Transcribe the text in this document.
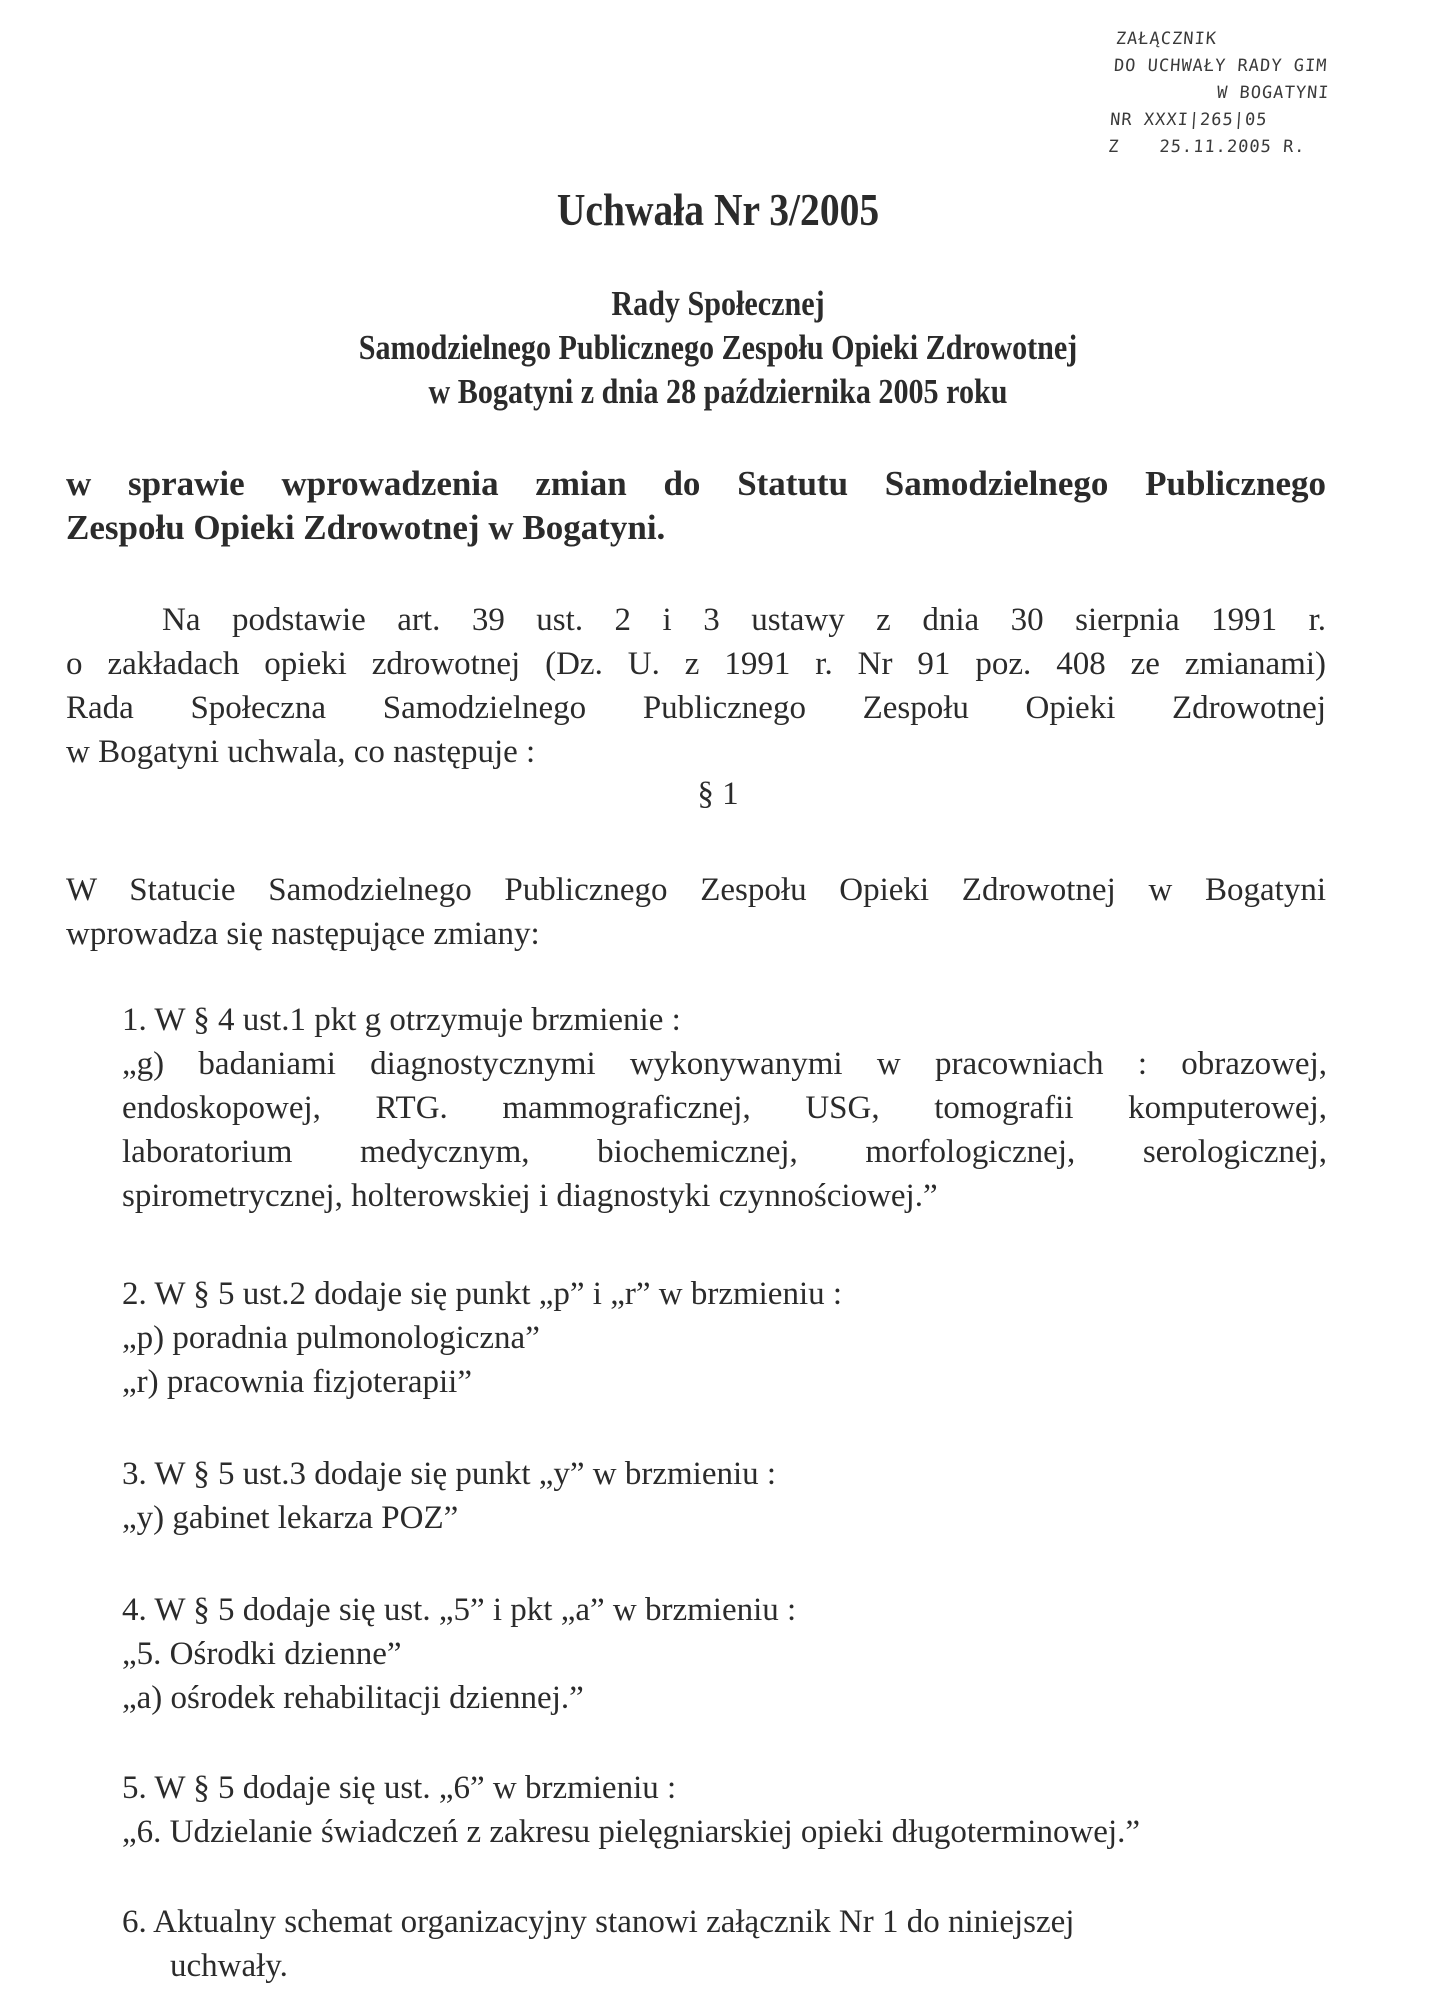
ZAŁĄCZNIK
DO UCHWAŁY RADY GIM
W BOGATYNI
NR XXXI|265|05
Z 25.11.2005 R.
Uchwała Nr 3/2005
Rady Społecznej
Samodzielnego Publicznego Zespołu Opieki Zdrowotnej
w Bogatyni z dnia 28 października 2005 roku
w sprawie wprowadzenia zmian do Statutu Samodzielnego Publicznego
Zespołu Opieki Zdrowotnej w Bogatyni.
Na podstawie art. 39 ust. 2 i 3 ustawy z dnia 30 sierpnia 1991 r.
o zakładach opieki zdrowotnej (Dz. U. z 1991 r. Nr 91 poz. 408 ze zmianami)
Rada Społeczna Samodzielnego Publicznego Zespołu Opieki Zdrowotnej
w Bogatyni uchwala, co następuje :
§ 1
W Statucie Samodzielnego Publicznego Zespołu Opieki Zdrowotnej w Bogatyni
wprowadza się następujące zmiany:
1. W § 4 ust.1 pkt g otrzymuje brzmienie :
„g) badaniami diagnostycznymi wykonywanymi w pracowniach : obrazowej,
endoskopowej, RTG. mammograficznej, USG, tomografii komputerowej,
laboratorium medycznym, biochemicznej, morfologicznej, serologicznej,
spirometrycznej, holterowskiej i diagnostyki czynnościowej.”
2. W § 5 ust.2 dodaje się punkt „p” i „r” w brzmieniu :
„p) poradnia pulmonologiczna”
„r) pracownia fizjoterapii”
3. W § 5 ust.3 dodaje się punkt „y” w brzmieniu :
„y) gabinet lekarza POZ”
4. W § 5 dodaje się ust. „5” i pkt „a” w brzmieniu :
„5. Ośrodki dzienne”
„a) ośrodek rehabilitacji dziennej.”
5. W § 5 dodaje się ust. „6” w brzmieniu :
„6. Udzielanie świadczeń z zakresu pielęgniarskiej opieki długoterminowej.”
6. Aktualny schemat organizacyjny stanowi załącznik Nr 1 do niniejszej
uchwały.
